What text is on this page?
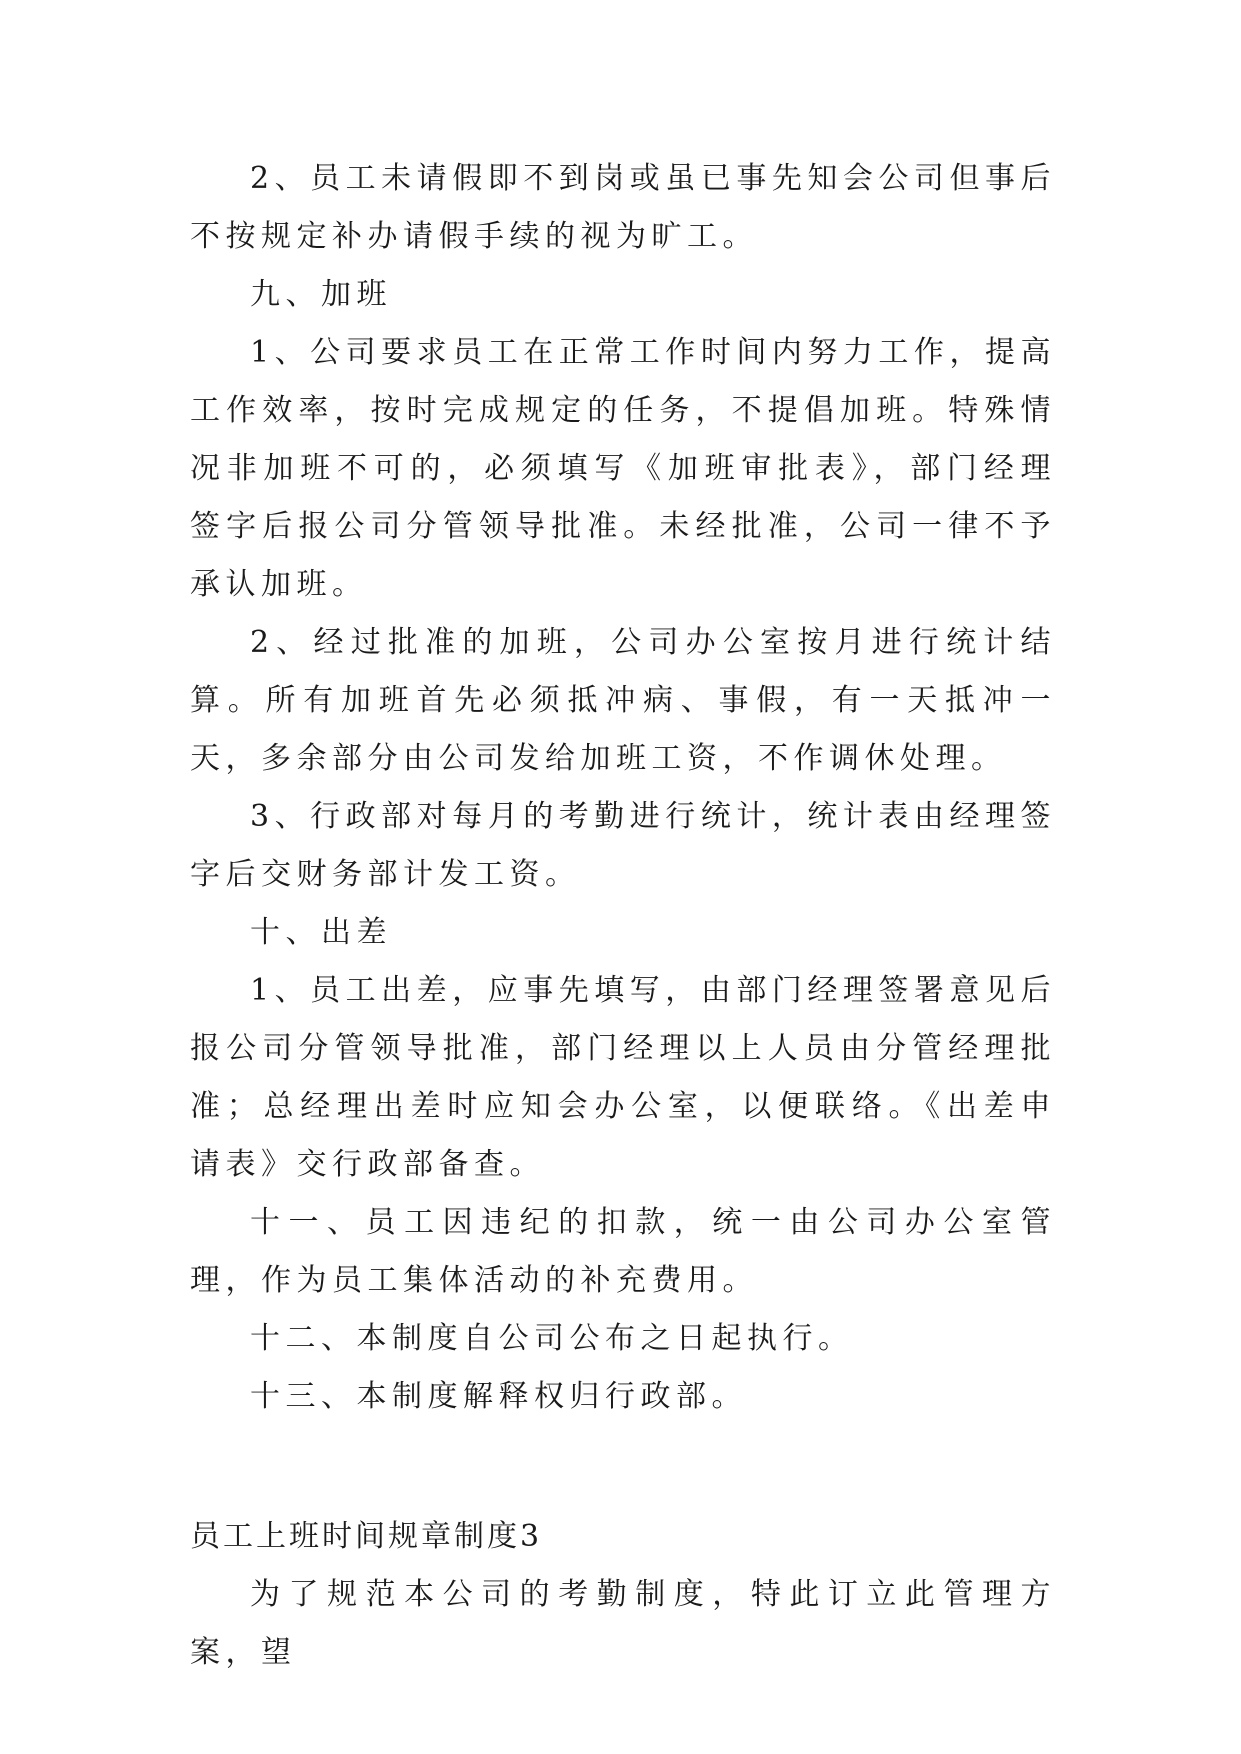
2、员工未请假即不到岗或虽已事先知会公司但事后不按规定补办请假手续的视为旷工。

九、加班

1、公司要求员工在正常工作时间内努力工作，提高工作效率，按时完成规定的任务，不提倡加班。特殊情况非加班不可的，必须填写《加班审批表》，部门经理签字后报公司分管领导批准。未经批准，公司一律不予承认加班。

2、经过批准的加班，公司办公室按月进行统计结算。所有加班首先必须抵冲病、事假，有一天抵冲一天，多余部分由公司发给加班工资，不作调休处理。

3、行政部对每月的考勤进行统计，统计表由经理签字后交财务部计发工资。

十、出差

1、员工出差，应事先填写，由部门经理签署意见后报公司分管领导批准，部门经理以上人员由分管经理批准；总经理出差时应知会办公室，以便联络。《出差申请表》交行政部备查。

十一、员工因违纪的扣款，统一由公司办公室管理，作为员工集体活动的补充费用。

十二、本制度自公司公布之日起执行。

十三、本制度解释权归行政部。

员工上班时间规章制度3

为了规范本公司的考勤制度，特此订立此管理方案，望
